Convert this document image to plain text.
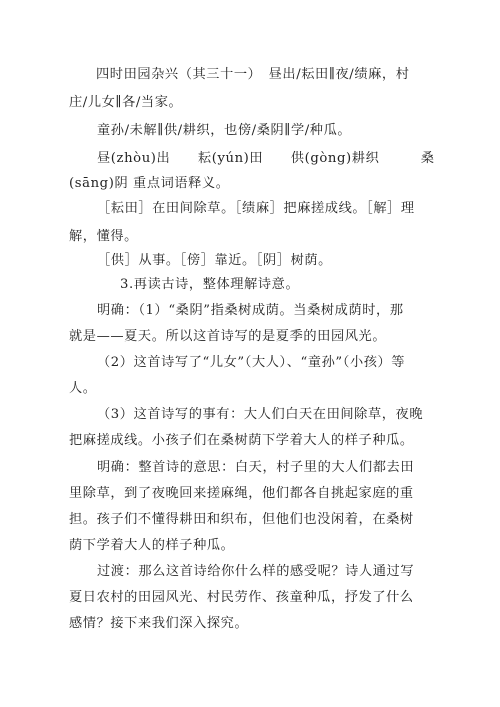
四时田园杂兴（其三十一）　昼出/耘田∥夜/绩麻，村
庄/儿女∥各/当家。
童孙/未解∥供/耕织，也傍/桑阴∥学/种瓜。
昼(zhòu)出　　耘(yún)田　　供(gòng)耕织　　　桑
(sāng)阴 重点词语释义。
［耘田］在田间除草。［绩麻］把麻搓成线。［解］理
解，懂得。
［供］从事。［傍］靠近。［阴］树荫。
3.再读古诗，整体理解诗意。
明确：（1）“桑阴”指桑树成荫。当桑树成荫时，那
就是——夏天。所以这首诗写的是夏季的田园风光。
（2）这首诗写了“儿女”（大人）、“童孙”（小孩）等
人。
（3）这首诗写的事有：大人们白天在田间除草，夜晚
把麻搓成线。小孩子们在桑树荫下学着大人的样子种瓜。
明确：整首诗的意思：白天，村子里的大人们都去田
里除草，到了夜晚回来搓麻绳，他们都各自挑起家庭的重
担。孩子们不懂得耕田和织布，但他们也没闲着，在桑树
荫下学着大人的样子种瓜。
过渡：那么这首诗给你什么样的感受呢？诗人通过写
夏日农村的田园风光、村民劳作、孩童种瓜，抒发了什么
感情？接下来我们深入探究。
